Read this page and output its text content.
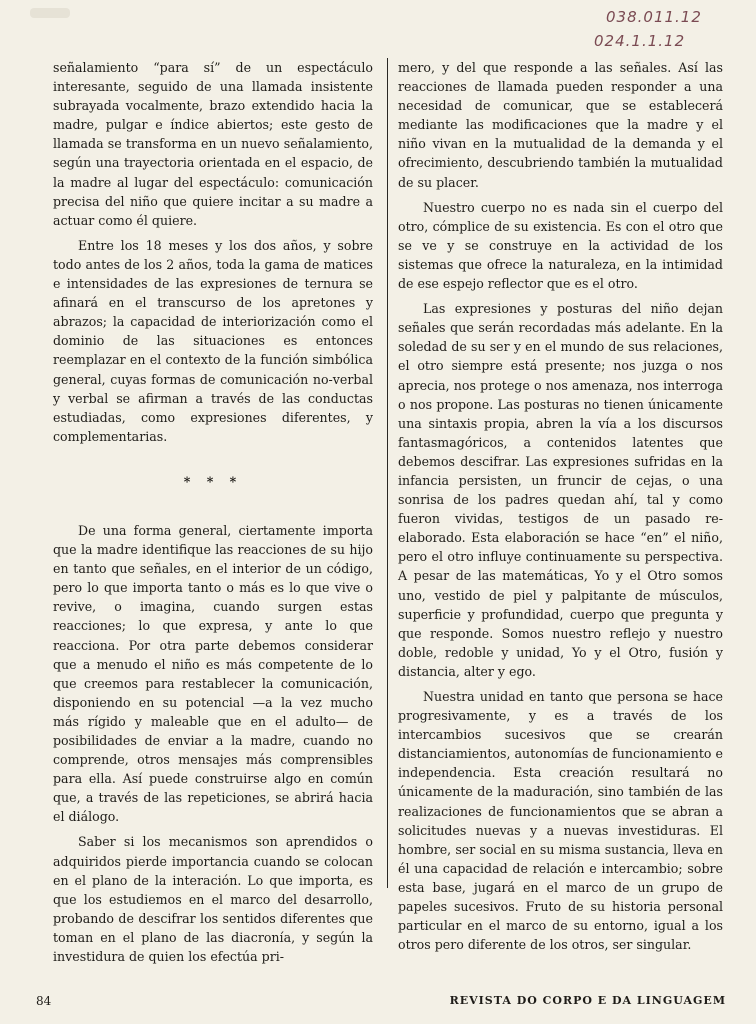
038.011.12
024.1.1.12

señalamiento “para sí” de un espectáculo interesante, seguido de una llamada insistente subrayada vocalmente, brazo extendido hacia la madre, pulgar e índice abiertos; este gesto de llamada se transforma en un nuevo señalamiento, según una trayectoria orientada en el espacio, de la madre al lugar del espectáculo: comunicación precisa del niño que quiere incitar a su madre a actuar como él quiere.

Entre los 18 meses y los dos años, y sobre todo antes de los 2 años, toda la gama de matices e intensidades de las expresiones de ternura se afinará en el transcurso de los apretones y abrazos; la capacidad de interiorización como el dominio de las situaciones es entonces reemplazar en el contexto de la función simbólica general, cuyas formas de comunicación no-verbal y verbal se afirman a través de las conductas estudiadas, como expresiones diferentes, y complementarias.

* * *

De una forma general, ciertamente importa que la madre identifique las reacciones de su hijo en tanto que señales, en el interior de un código, pero lo que importa tanto o más es lo que vive o revive, o imagina, cuando surgen estas reacciones; lo que expresa, y ante lo que reacciona. Por otra parte debemos considerar que a menudo el niño es más competente de lo que creemos para restablecer la comunicación, disponiendo en su potencial —a la vez mucho más rígido y maleable que en el adulto— de posibilidades de enviar a la madre, cuando no comprende, otros mensajes más comprensibles para ella. Así puede construirse algo en común que, a través de las repeticiones, se abrirá hacia el diálogo.

Saber si los mecanismos son aprendidos o adquiridos pierde importancia cuando se colocan en el plano de la interación. Lo que importa, es que los estudiemos en el marco del desarrollo, probando de descifrar los sentidos diferentes que toman en el plano de las diacronía, y según la investidura de quien los efectúa pri-

mero, y del que responde a las señales. Así las reacciones de llamada pueden responder a una necesidad de comunicar, que se establecerá mediante las modificaciones que la madre y el niño vivan en la mutualidad de la demanda y el ofrecimiento, descubriendo también la mutualidad de su placer.

Nuestro cuerpo no es nada sin el cuerpo del otro, cómplice de su existencia. Es con el otro que se ve y se construye en la actividad de los sistemas que ofrece la naturaleza, en la intimidad de ese espejo reflector que es el otro.

Las expresiones y posturas del niño dejan señales que serán recordadas más adelante. En la soledad de su ser y en el mundo de sus relaciones, el otro siempre está presente; nos juzga o nos aprecia, nos protege o nos amenaza, nos interroga o nos propone. Las posturas no tienen únicamente una sintaxis propia, abren la vía a los discursos fantasmagóricos, a contenidos latentes que debemos descifrar. Las expresiones sufridas en la infancia persisten, un fruncir de cejas, o una sonrisa de los padres quedan ahí, tal y como fueron vividas, testigos de un pasado re-elaborado. Esta elaboración se hace “en” el niño, pero el otro influye continuamente su perspectiva. A pesar de las matemáticas, Yo y el Otro somos uno, vestido de piel y palpitante de músculos, superficie y profundidad, cuerpo que pregunta y que responde. Somos nuestro reflejo y nuestro doble, redoble y unidad, Yo y el Otro, fusión y distancia, alter y ego.

Nuestra unidad en tanto que persona se hace progresivamente, y es a través de los intercambios sucesivos que se crearán distanciamientos, autonomías de funcionamiento e independencia. Esta creación resultará no únicamente de la maduración, sino también de las realizaciones de funcionamientos que se abran a solicitudes nuevas y a nuevas investiduras. El hombre, ser social en su misma sustancia, lleva en él una capacidad de relación e intercambio; sobre esta base, jugará en el marco de un grupo de papeles sucesivos. Fruto de su historia personal particular en el marco de su entorno, igual a los otros pero diferente de los otros, ser singular.

84	REVISTA DO CORPO E DA LINGUAGEM
